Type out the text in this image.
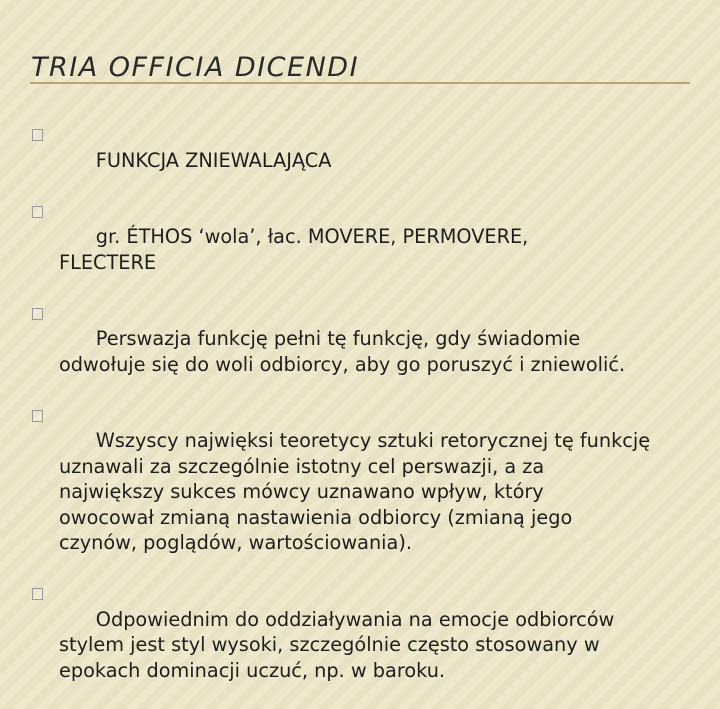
TRIA OFFICIA DICENDI

FUNKCJA ZNIEWALAJĄCA

gr. ÉTHOS ‘wola’, łac. MOVERE, PERMOVERE,
FLECTERE

Perswazja funkcję pełni tę funkcję, gdy świadomie
odwołuje się do woli odbiorcy, aby go poruszyć i zniewolić.

Wszyscy najwięksi teoretycy sztuki retorycznej tę funkcję
uznawali za szczególnie istotny cel perswazji, a za
największy sukces mówcy uznawano wpływ, który
owocował zmianą nastawienia odbiorcy (zmianą jego
czynów, poglądów, wartościowania).

Odpowiednim do oddziaływania na emocje odbiorców
stylem jest styl wysoki, szczególnie często stosowany w
epokach dominacji uczuć, np. w baroku.
